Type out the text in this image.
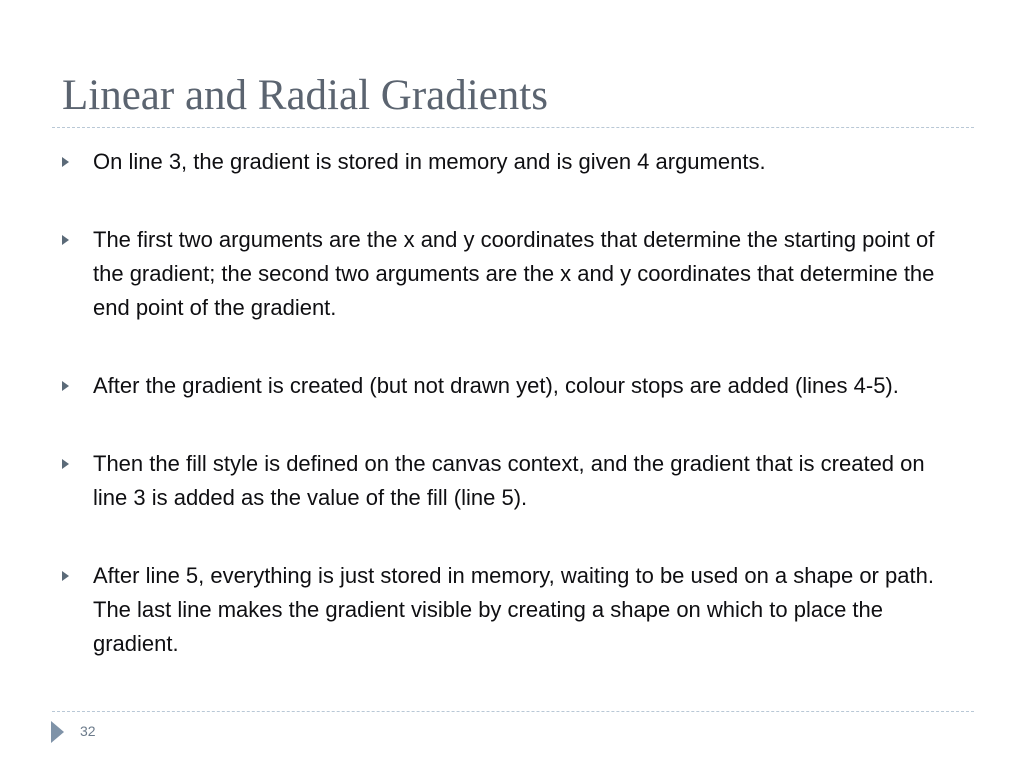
Linear and Radial Gradients
On line 3, the gradient is stored in memory and is given 4 arguments.
The first two arguments are the x and y coordinates that determine the starting point of the gradient; the second two arguments are the x and y coordinates that determine the end point of the gradient.
After the gradient is created (but not drawn yet), colour stops are added (lines 4-5).
Then the fill style is defined on the canvas context, and the gradient that is created on line 3 is added as the value of the fill (line 5).
After line 5, everything is just stored in memory, waiting to be used on a shape or path. The last line makes the gradient visible by creating a shape on which to place the gradient.
32
